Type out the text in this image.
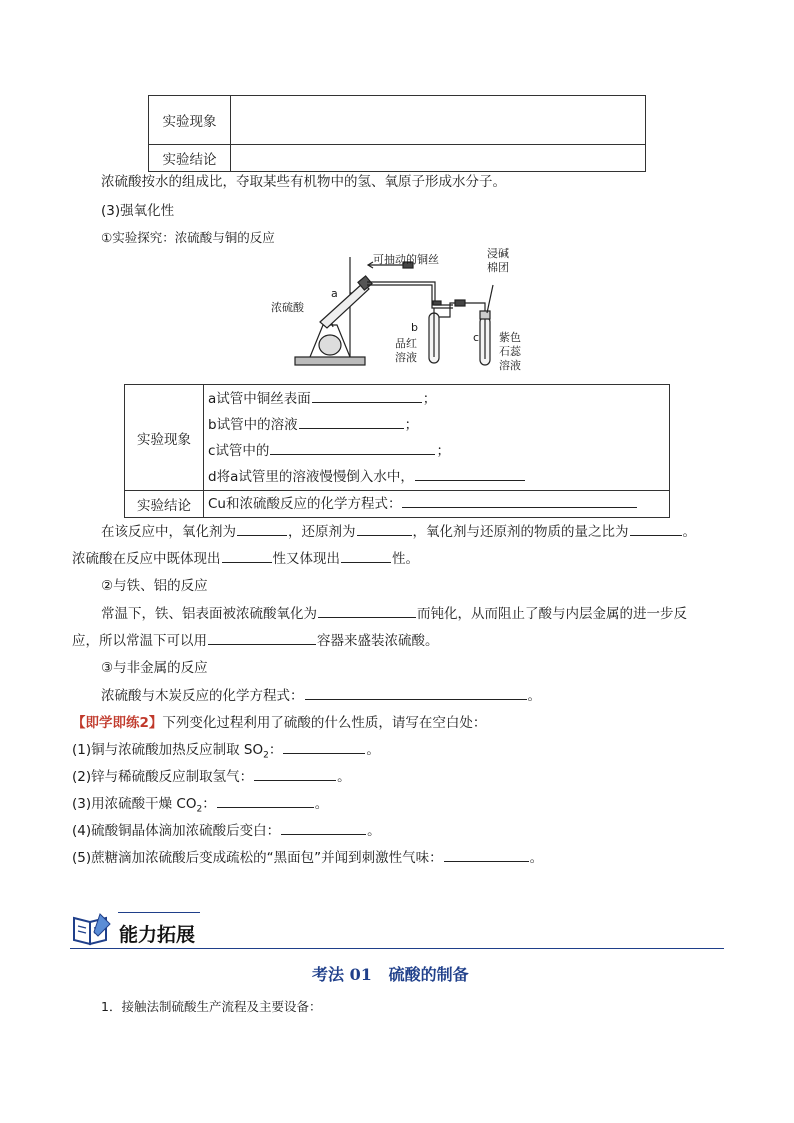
实验现象	
实验结论	
浓硫酸按水的组成比，夺取某些有机物中的氢、氧原子形成水分子。
(3)强氧化性
①实验探究：浓硫酸与铜的反应
可抽动的铜丝
浓硫酸
a
b
品红
溶液
c
浸碱
棉团
紫色
石蕊
溶液
实验现象	a试管中铜丝表面 ；
b试管中的溶液 ；
c试管中的 ；
d将a试管里的溶液慢慢倒入水中，

实验结论	Cu和浓硫酸反应的化学方程式：
在该反应中，氧化剂为	，还原剂为	，氧化剂与还原剂的物质的量之比为	。
浓硫酸在反应中既体现出	性又体现出	性。
②与铁、铝的反应
常温下，铁、铝表面被浓硫酸氧化为	而钝化，从而阻止了酸与内层金属的进一步反
应，所以常温下可以用	容器来盛装浓硫酸。
③与非金属的反应
浓硫酸与木炭反应的化学方程式：	。
【即学即练2】下列变化过程利用了硫酸的什么性质，请写在空白处：
(1)铜与浓硫酸加热反应制取 $SO_2$：	。
(2)锌与稀硫酸反应制取氢气：	。
(3)用浓硫酸干燥 $CO_2$：	。
(4)硫酸铜晶体滴加浓硫酸后变白：	。
(5)蔗糖滴加浓硫酸后变成疏松的“黑面包”并闻到刺激性气味：	。
能力拓展
考法 01 硫酸的制备
1．接触法制硫酸生产流程及主要设备：
